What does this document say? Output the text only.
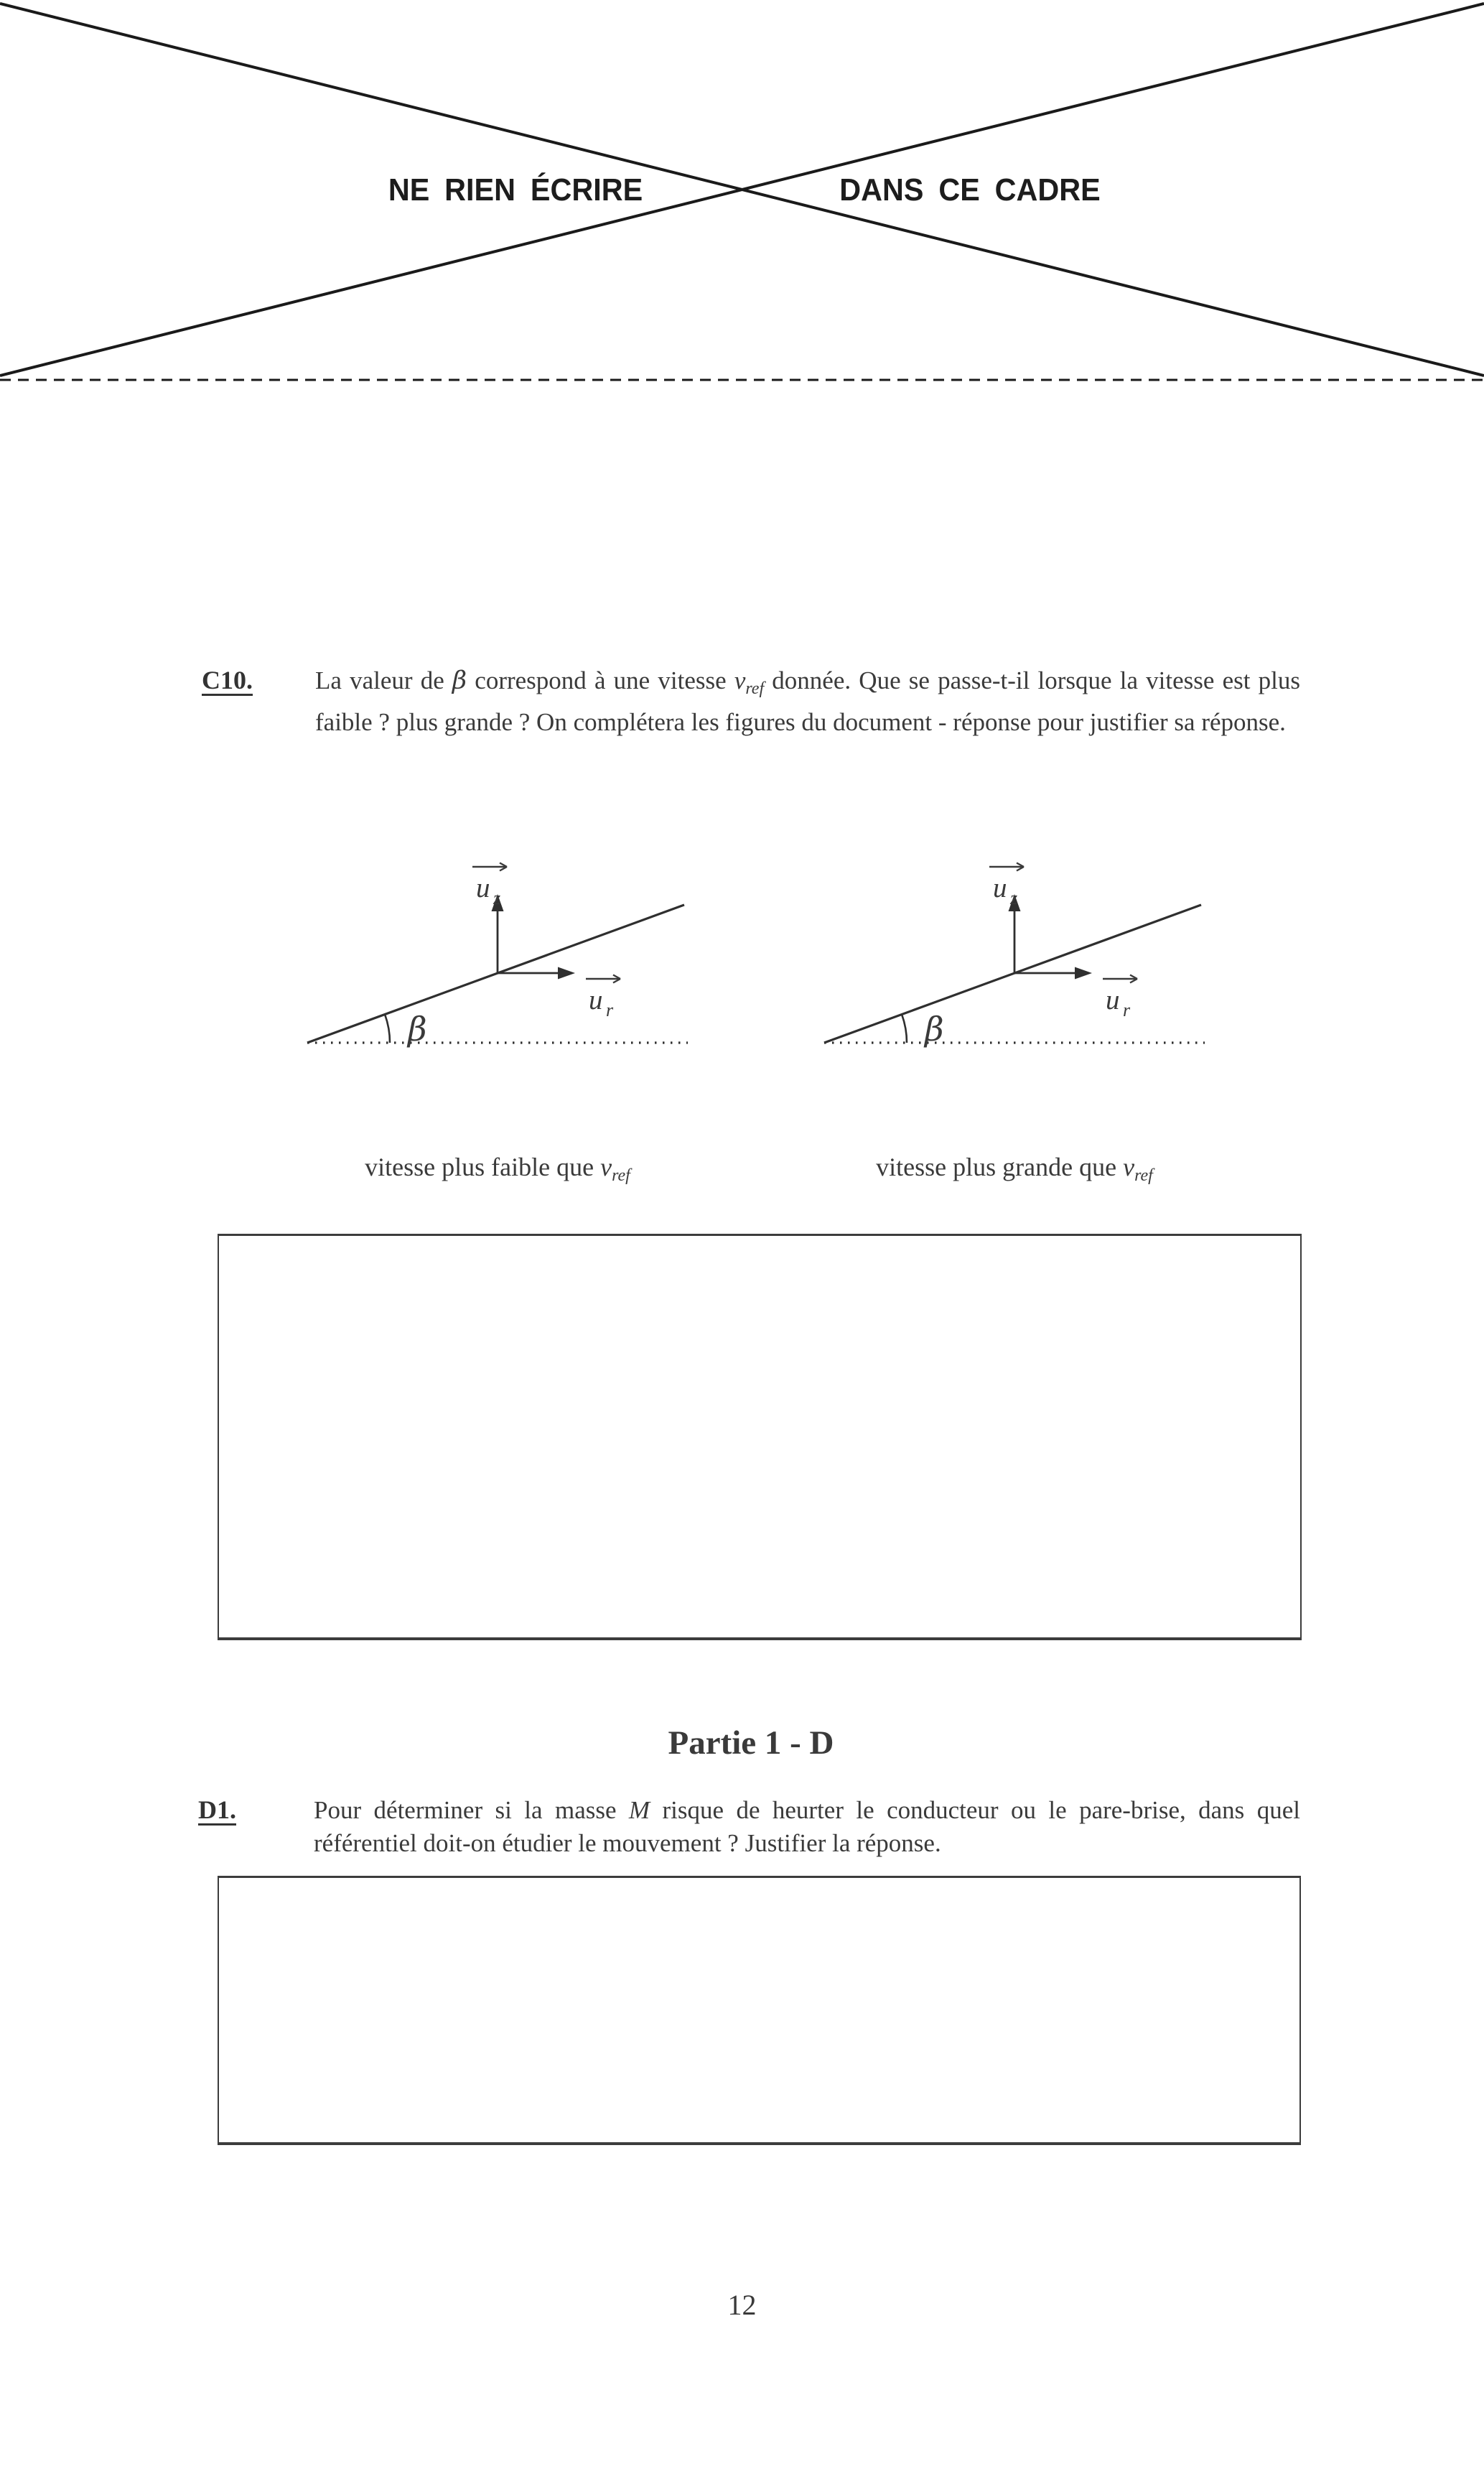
NE RIEN ÉCRIRE	DANS CE CADRE
C10. La valeur de β correspond à une vitesse $v_{ref}$ donnée. Que se passe-t-il lorsque la vitesse est plus faible ? plus grande ? On complétera les figures du document - réponse pour justifier sa réponse.
β
u z
u r	β
u z
u r
vitesse plus faible que $v_{ref}$	vitesse plus grande que $v_{ref}$
Partie 1 - D
D1.	Pour déterminer si la masse M risque de heurter le conducteur ou le pare-brise, dans quel référentiel doit-on étudier le mouvement ? Justifier la réponse.
12
